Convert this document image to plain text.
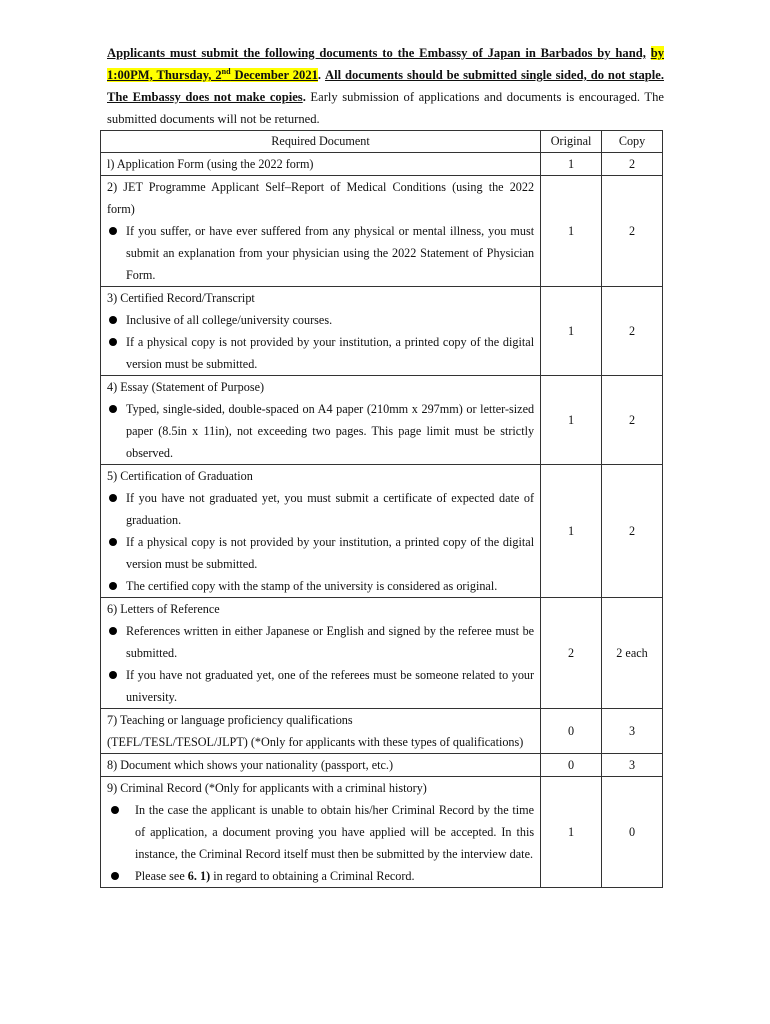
Applicants must submit the following documents to the Embassy of Japan in Barbados by hand, by 1:00PM, Thursday, 2nd December 2021. All documents should be submitted single sided, do not staple. The Embassy does not make copies. Early submission of applications and documents is encouraged. The submitted documents will not be returned.
Required Document	Original	Copy

l) Application Form (using the 2022 form)	1	2

2) JET Programme Applicant Self–Report of Medical Conditions (using the 2022 form)
If you suffer, or have ever suffered from any physical or mental illness, you must submit an explanation from your physician using the 2022 Statement of Physician Form.	1	2

3) Certified Record/Transcript
Inclusive of all college/university courses.
If a physical copy is not provided by your institution, a printed copy of the digital version must be submitted.	1	2

4) Essay (Statement of Purpose)
Typed, single-sided, double-spaced on A4 paper (210mm x 297mm) or letter-sized paper (8.5in x 11in), not exceeding two pages. This page limit must be strictly observed.	1	2

5) Certification of Graduation
If you have not graduated yet, you must submit a certificate of expected date of graduation.
If a physical copy is not provided by your institution, a printed copy of the digital version must be submitted.
The certified copy with the stamp of the university is considered as original.	1	2

6) Letters of Reference
References written in either Japanese or English and signed by the referee must be submitted.
If you have not graduated yet, one of the referees must be someone related to your university.	2	2 each

7) Teaching or language proficiency qualifications
(TEFL/TESL/TESOL/JLPT) (*Only for applicants with these types of qualifications)	0	3

8) Document which shows your nationality (passport, etc.)	0	3

9) Criminal Record (*Only for applicants with a criminal history)
In the case the applicant is unable to obtain his/her Criminal Record by the time of application, a document proving you have applied will be accepted. In this instance, the Criminal Record itself must then be submitted by the interview date.
Please see 6. 1) in regard to obtaining a Criminal Record.	1	0
